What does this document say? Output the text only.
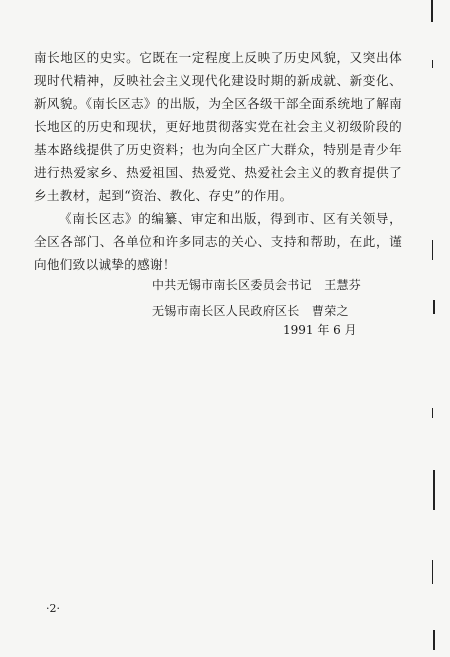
南长地区的史实。它既在一定程度上反映了历史风貌，又突出体现时代精神，反映社会主义现代化建设时期的新成就、新变化、新风貌。《南长区志》的出版，为全区各级干部全面系统地了解南长地区的历史和现状，更好地贯彻落实党在社会主义初级阶段的基本路线提供了历史资料；也为向全区广大群众，特别是青少年进行热爱家乡、热爱祖国、热爱党、热爱社会主义的教育提供了乡土教材，起到“资治、教化、存史”的作用。

《南长区志》的编纂、审定和出版，得到市、区有关领导，全区各部门、各单位和许多同志的关心、支持和帮助，在此，谨向他们致以诚挚的感谢！

中共无锡市南长区委员会书记　王慧芬
无锡市南长区人民政府区长　曹荣之
1991 年 6 月
·2·
